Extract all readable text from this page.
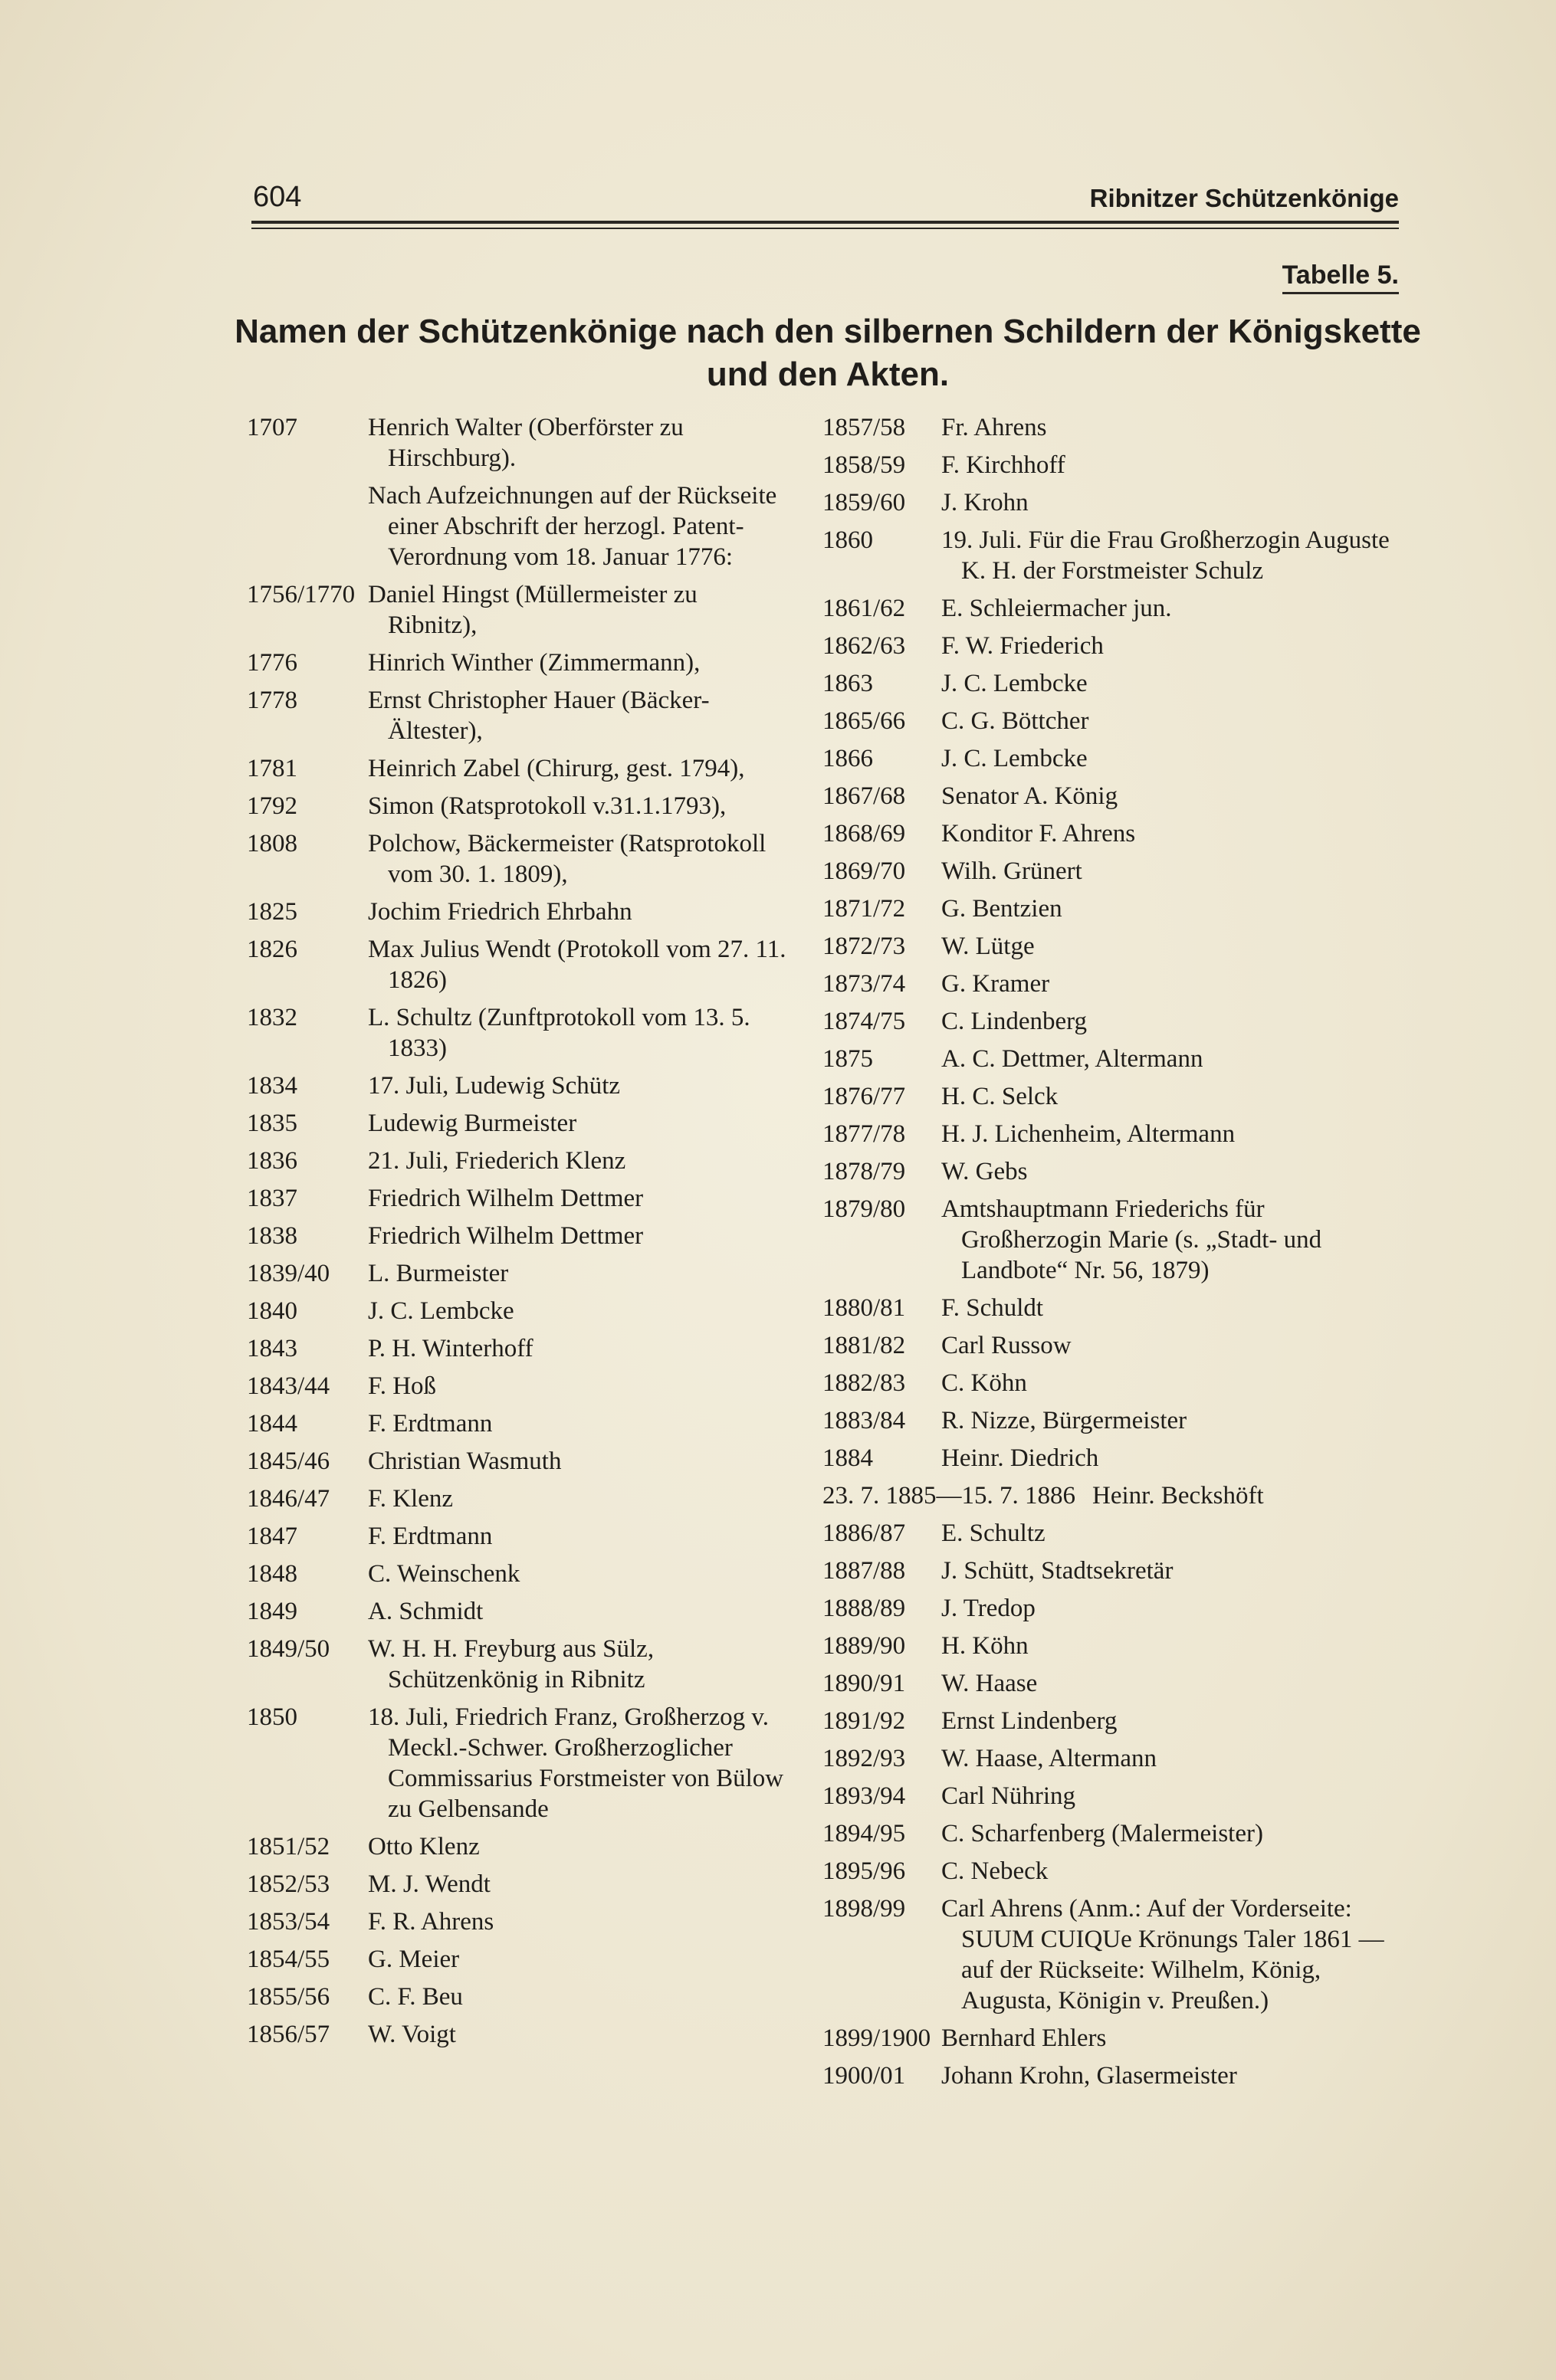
604	Ribnitzer Schützenkönige
Tabelle 5.
Namen der Schützenkönige nach den silbernen Schildern der Königskette
und den Akten.
1707	Henrich Walter (Oberförster zu Hirschburg).
Nach Aufzeichnungen auf der Rückseite einer Abschrift der herzogl. Patent-Verordnung vom 18. Januar 1776:
1756/1770 Daniel Hingst (Müllermeister zu Ribnitz),
1776	Hinrich Winther (Zimmermann),
1778	Ernst Christopher Hauer (Bäcker-Ältester),
1781	Heinrich Zabel (Chirurg, gest. 1794),
1792	Simon (Ratsprotokoll v.31.1.1793),
1808	Polchow, Bäckermeister (Ratsprotokoll vom 30. 1. 1809),
1825	Jochim Friedrich Ehrbahn
1826	Max Julius Wendt (Protokoll vom 27. 11. 1826)
1832	L. Schultz (Zunftprotokoll vom 13. 5. 1833)
1834	17. Juli, Ludewig Schütz
1835	Ludewig Burmeister
1836	21. Juli, Friederich Klenz
1837	Friedrich Wilhelm Dettmer
1838	Friedrich Wilhelm Dettmer
1839/40	L. Burmeister
1840	J. C. Lembcke
1843	P. H. Winterhoff
1843/44	F. Hoß
1844	F. Erdtmann
1845/46	Christian Wasmuth
1846/47	F. Klenz
1847	F. Erdtmann
1848	C. Weinschenk
1849	A. Schmidt
1849/50	W. H. H. Freyburg aus Sülz, Schützenkönig in Ribnitz
1850	18. Juli, Friedrich Franz, Großherzog v. Meckl.-Schwer. Großherzoglicher Commissarius Forstmeister von Bülow zu Gelbensande
1851/52	Otto Klenz
1852/53	M. J. Wendt
1853/54	F. R. Ahrens
1854/55	G. Meier
1855/56	C. F. Beu
1856/57	W. Voigt
1857/58	Fr. Ahrens
1858/59	F. Kirchhoff
1859/60	J. Krohn
1860	19. Juli. Für die Frau Großherzogin Auguste K. H. der Forstmeister Schulz
1861/62	E. Schleiermacher jun.
1862/63	F. W. Friederich
1863	J. C. Lembcke
1865/66	C. G. Böttcher
1866	J. C. Lembcke
1867/68	Senator A. König
1868/69	Konditor F. Ahrens
1869/70	Wilh. Grünert
1871/72	G. Bentzien
1872/73	W. Lütge
1873/74	G. Kramer
1874/75	C. Lindenberg
1875	A. C. Dettmer, Altermann
1876/77	H. C. Selck
1877/78	H. J. Lichenheim, Altermann
1878/79	W. Gebs
1879/80	Amtshauptmann Friederichs für Großherzogin Marie (s. „Stadt- und Landbote“ Nr. 56, 1879)
1880/81	F. Schuldt
1881/82	Carl Russow
1882/83	C. Köhn
1883/84	R. Nizze, Bürgermeister
1884	Heinr. Diedrich
23. 7. 1885—15. 7. 1886 Heinr. Beckshöft
1886/87	E. Schultz
1887/88	J. Schütt, Stadtsekretär
1888/89	J. Tredop
1889/90	H. Köhn
1890/91	W. Haase
1891/92	Ernst Lindenberg
1892/93	W. Haase, Altermann
1893/94	Carl Nühring
1894/95	C. Scharfenberg (Malermeister)
1895/96	C. Nebeck
1898/99	Carl Ahrens (Anm.: Auf der Vorderseite: SUUM CUIQUe Krönungs Taler 1861 — auf der Rückseite: Wilhelm, König, Augusta, Königin v. Preußen.)
1899/1900 Bernhard Ehlers
1900/01	Johann Krohn, Glasermeister
